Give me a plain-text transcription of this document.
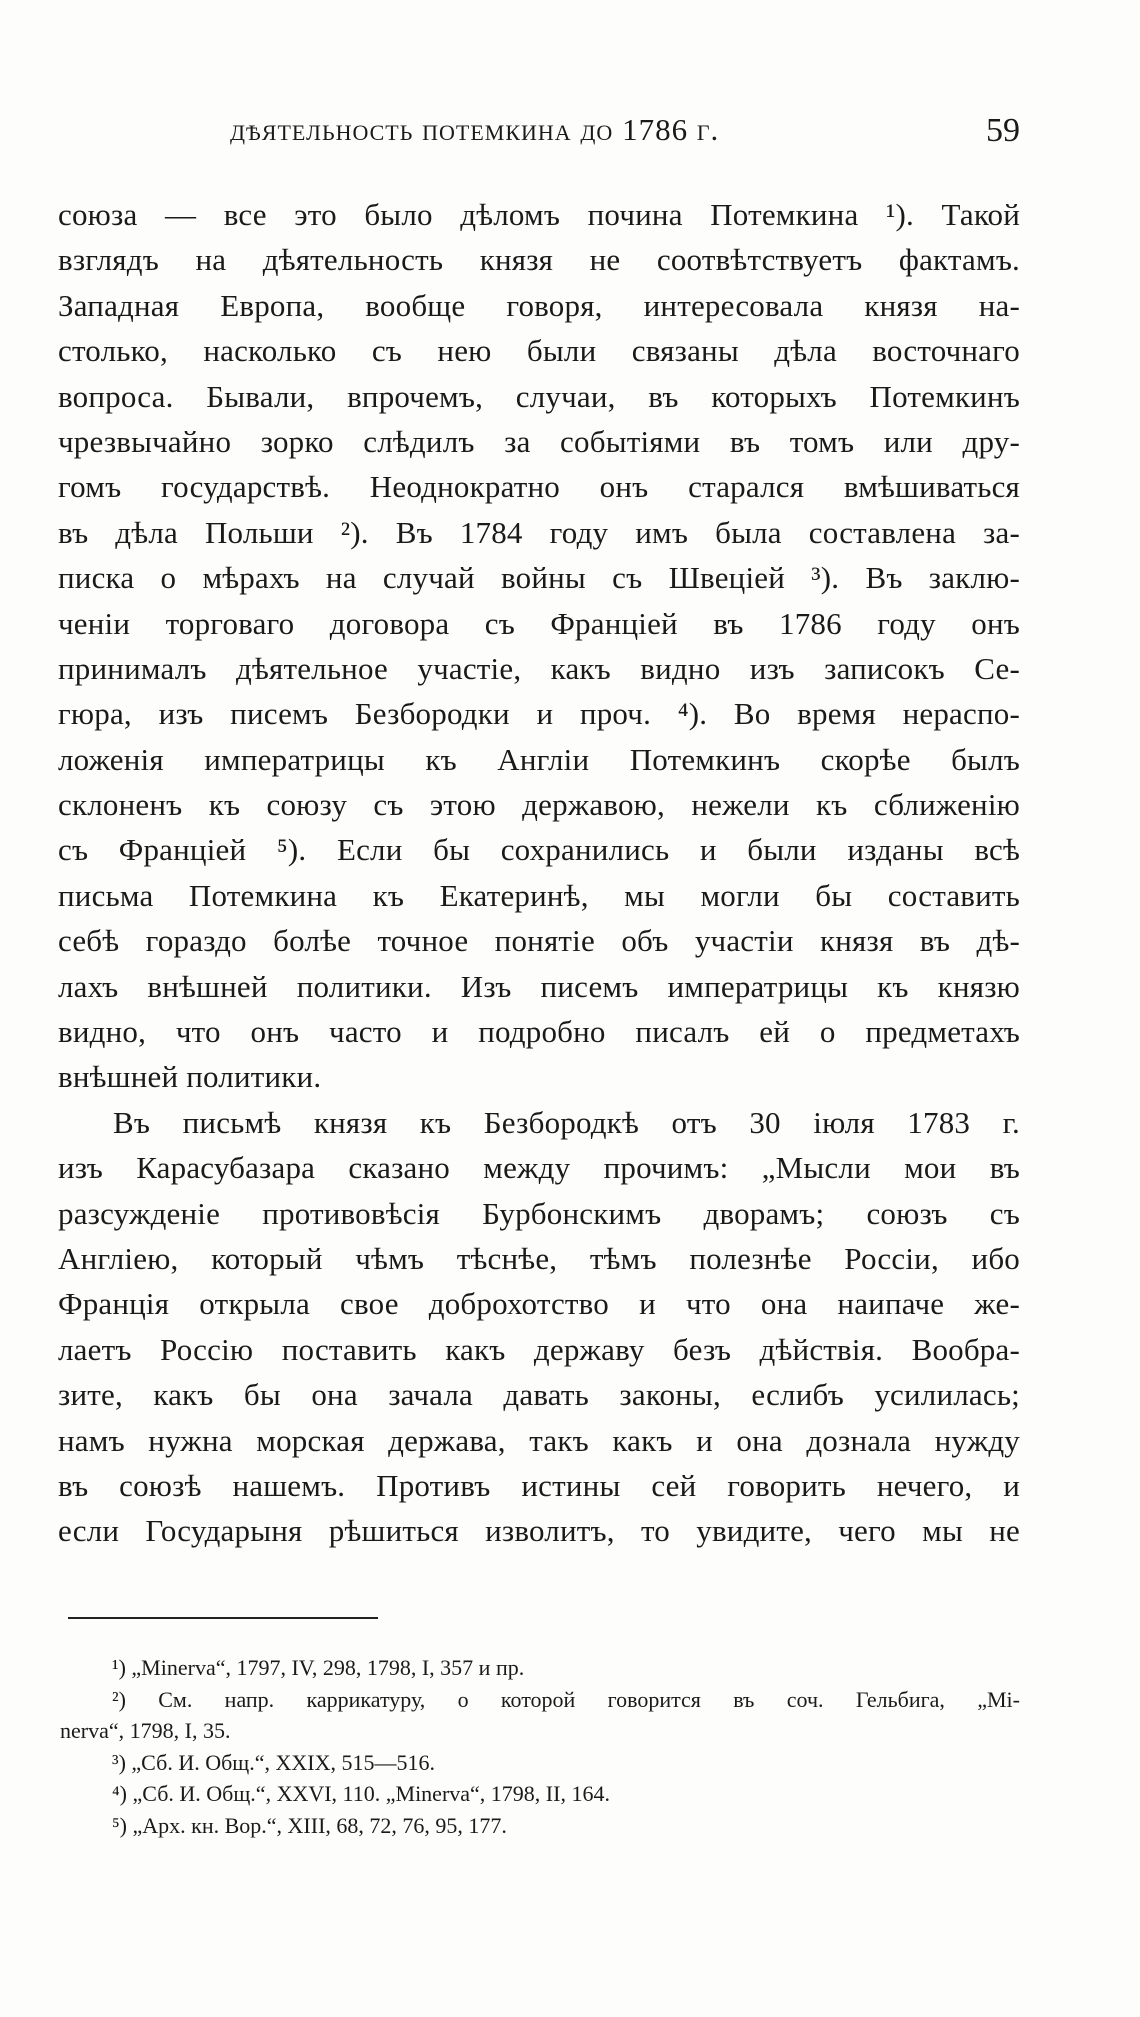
дѣятельность потемкина до 1786 г.	59
союза — все это было дѣломъ почина Потемкина ¹). Такой
взглядъ на дѣятельность князя не соотвѣтствуетъ фактамъ.
Западная Европа, вообще говоря, интересовала князя на-
столько, насколько съ нею были связаны дѣла восточнаго
вопроса. Бывали, впрочемъ, случаи, въ которыхъ Потемкинъ
чрезвычайно зорко слѣдилъ за событіями въ томъ или дру-
гомъ государствѣ. Неоднократно онъ старался вмѣшиваться
въ дѣла Польши ²). Въ 1784 году имъ была составлена за-
писка о мѣрахъ на случай войны съ Швеціей ³). Въ заклю-
ченіи торговаго договора съ Франціей въ 1786 году онъ
принималъ дѣятельное участіе, какъ видно изъ записокъ Се-
гюра, изъ писемъ Безбородки и проч. ⁴). Во время нераспо-
ложенія императрицы къ Англіи Потемкинъ скорѣе былъ
склоненъ къ союзу съ этою державою, нежели къ сближенію
съ Франціей ⁵). Если бы сохранились и были изданы всѣ
письма Потемкина къ Екатеринѣ, мы могли бы составить
себѣ гораздо болѣе точное понятіе объ участіи князя въ дѣ-
лахъ внѣшней политики. Изъ писемъ императрицы къ князю
видно, что онъ часто и подробно писалъ ей о предметахъ
внѣшней политики.
Въ письмѣ князя къ Безбородкѣ отъ 30 іюля 1783 г.
изъ Карасубазара сказано между прочимъ: „Мысли мои въ
разсужденіе противовѣсія Бурбонскимъ дворамъ; союзъ съ
Англіею, который чѣмъ тѣснѣе, тѣмъ полезнѣе Россіи, ибо
Франція открыла свое доброхотство и что она наипаче же-
лаетъ Россію поставить какъ державу безъ дѣйствія. Вообра-
зите, какъ бы она зачала давать законы, еслибъ усилилась;
намъ нужна морская держава, такъ какъ и она дознала нужду
въ союзѣ нашемъ. Противъ истины сей говорить нечего, и
если Государыня рѣшиться изволитъ, то увидите, чего мы не
¹) „Minerva“, 1797, IV, 298, 1798, I, 357 и пр.
²) См. напр. каррикатуру, о которой говорится въ соч. Гельбига, „Mi-
nerva“, 1798, I, 35.
³) „Сб. И. Общ.“, XXIX, 515—516.
⁴) „Сб. И. Общ.“, XXVI, 110. „Minerva“, 1798, II, 164.
⁵) „Арх. кн. Вор.“, XIII, 68, 72, 76, 95, 177.
